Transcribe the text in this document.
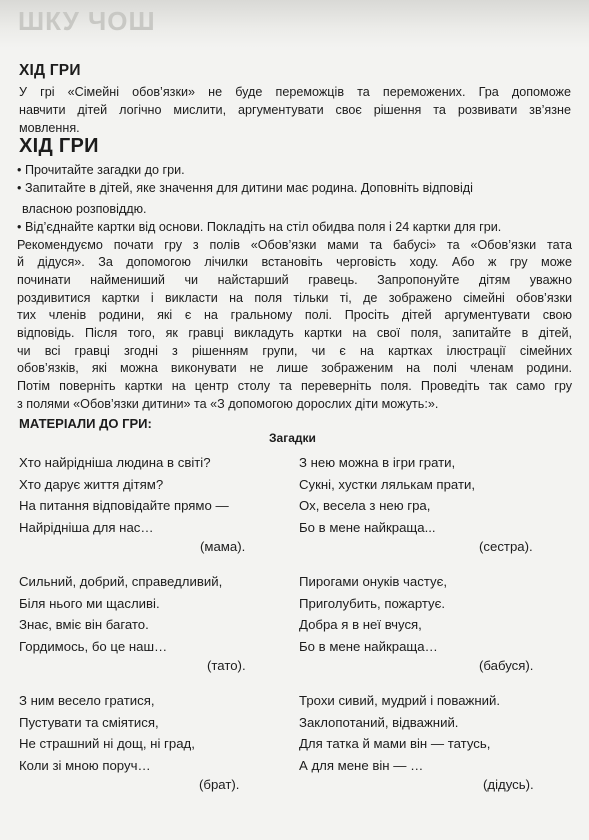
ШКУ ЧОШ
ХІД ГРИ
У грі «Сімейні обов’язки» не буде переможців та переможених. Гра допоможе
навчити дітей логічно мислити, аргументувати своє рішення та розвивати зв’язне
мовлення.
ХІД ГРИ
• Прочитайте загадки до гри.
• Запитайте в дітей, яке значення для дитини має родина. Доповніть відповіді
власною розповіддю.
• Від’єднайте картки від основи. Покладіть на стіл обидва поля і 24 картки для гри.
Рекомендуємо почати гру з полів «Обов’язки мами та бабусі» та «Обов’язки тата
й дідуся». За допомогою лічилки встановіть черговість ходу. Або ж гру може
починати наймениший чи найстарший гравець. Запропонуйте дітям уважно
роздивитися картки і викласти на поля тільки ті, де зображено сімейні обов’язки
тих членів родини, які є на гральному полі. Просіть дітей аргументувати свою
відповідь. Після того, як гравці викладуть картки на свої поля, запитайте в дітей,
чи всі гравці згодні з рішенням групи, чи є на картках ілюстрації сімейних
обов’язків, які можна виконувати не лише зображеним на полі членам родини.
Потім поверніть картки на центр столу та переверніть поля. Проведіть так само гру
з полями «Обов’язки дитини» та «З допомогою дорослих діти можуть:».
МАТЕРІАЛИ ДО ГРИ:
Загадки
Хто найрідніша людина в світі?
Хто дарує життя дітям?
На питання відповідайте прямо —
Найрідніша для нас…
(мама).
З нею можна в ігри грати,
Сукні, хустки лялькам прати,
Ох, весела з нею гра,
Бо в мене найкраща...
(сестра).
Сильний, добрий, справедливий,
Біля нього ми щасливі.
Знає, вміє він багато.
Гордимось, бо це наш…
(тато).
Пирогами онуків частує,
Приголубить, пожартує.
Добра я в неї вчуся,
Бо в мене найкраща…
(бабуся).
З ним весело гратися,
Пустувати та сміятися,
Не страшний ні дощ, ні град,
Коли зі мною поруч…
(брат).
Трохи сивий, мудрий і поважний.
Заклопотаний, відважний.
Для татка й мами він — татусь,
А для мене він — …
(дідусь).
